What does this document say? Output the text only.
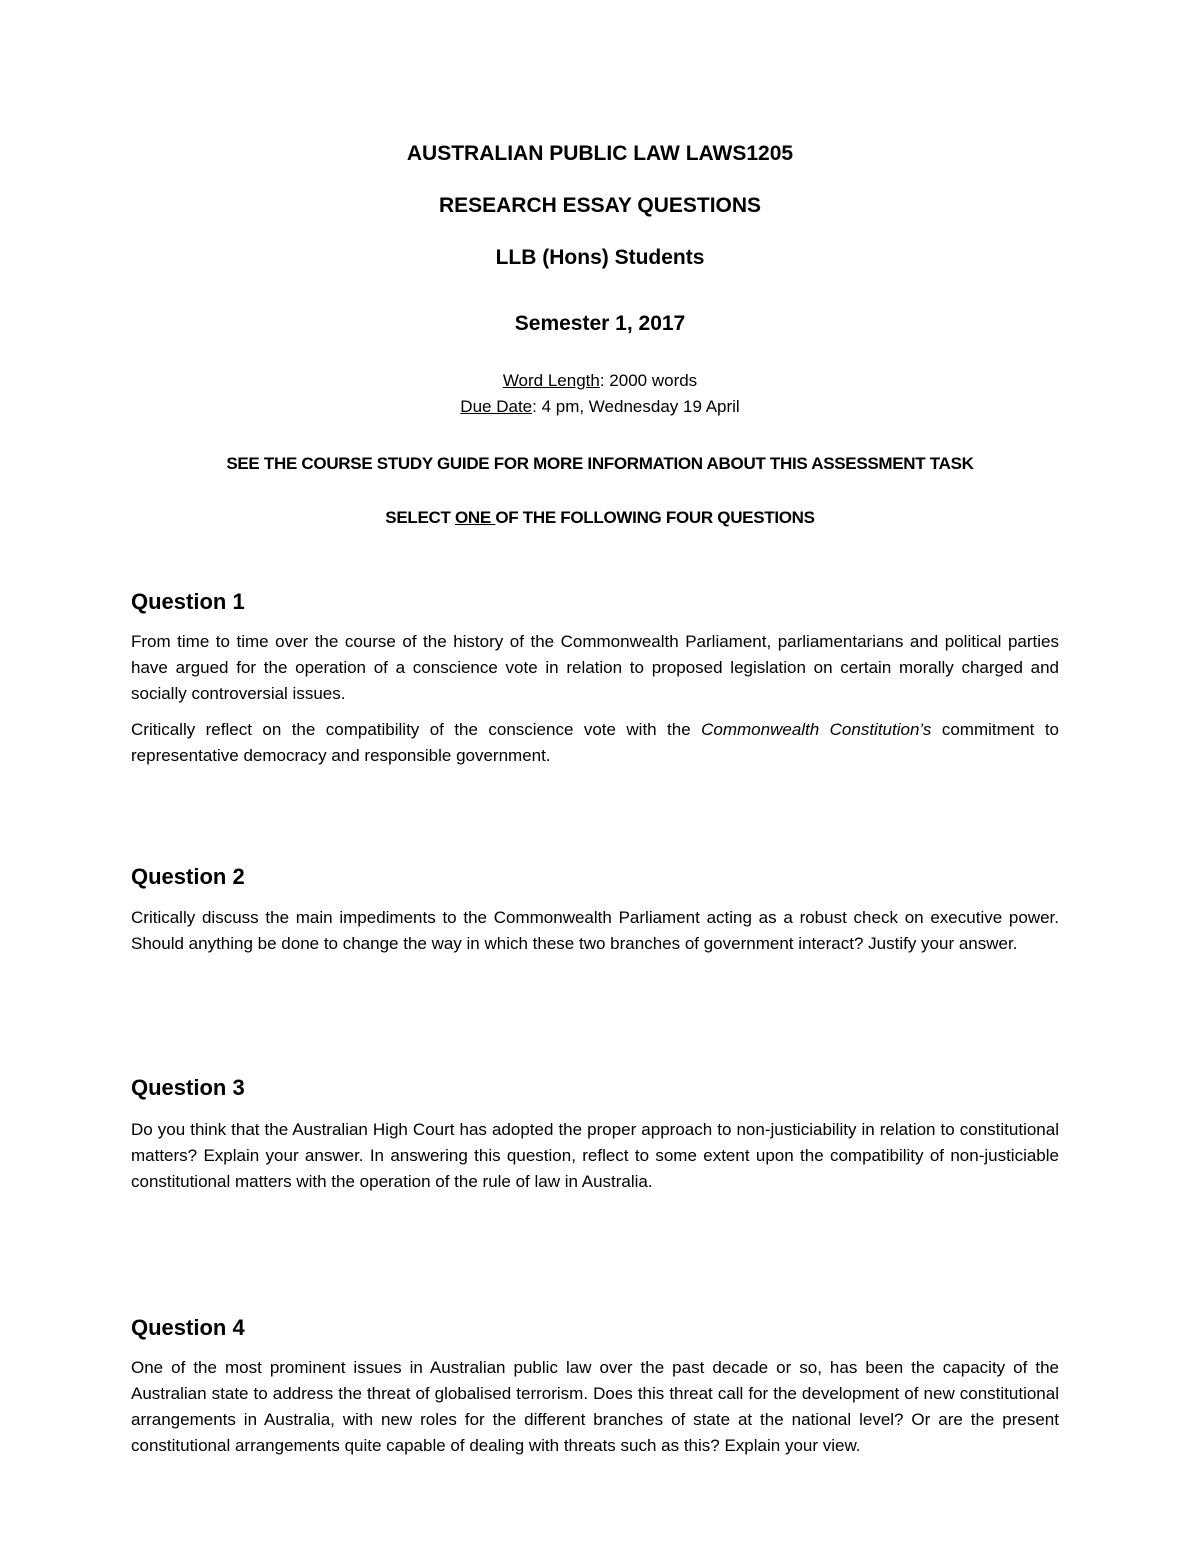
AUSTRALIAN PUBLIC LAW LAWS1205
RESEARCH ESSAY QUESTIONS
LLB (Hons) Students
Semester 1, 2017
Word Length: 2000 words
Due Date: 4 pm, Wednesday 19 April
SEE THE COURSE STUDY GUIDE FOR MORE INFORMATION ABOUT THIS ASSESSMENT TASK
SELECT ONE OF THE FOLLOWING FOUR QUESTIONS
Question 1

From time to time over the course of the history of the Commonwealth Parliament, parliamentarians and political parties have argued for the operation of a conscience vote in relation to proposed legislation on certain morally charged and socially controversial issues.

Critically reflect on the compatibility of the conscience vote with the Commonwealth Constitution’s commitment to representative democracy and responsible government.

Question 2

Critically discuss the main impediments to the Commonwealth Parliament acting as a robust check on executive power. Should anything be done to change the way in which these two branches of government interact? Justify your answer.

Question 3

Do you think that the Australian High Court has adopted the proper approach to non-justiciability in relation to constitutional matters? Explain your answer. In answering this question, reflect to some extent upon the compatibility of non-justiciable constitutional matters with the operation of the rule of law in Australia.

Question 4

One of the most prominent issues in Australian public law over the past decade or so, has been the capacity of the Australian state to address the threat of globalised terrorism. Does this threat call for the development of new constitutional arrangements in Australia, with new roles for the different branches of state at the national level? Or are the present constitutional arrangements quite capable of dealing with threats such as this? Explain your view.
